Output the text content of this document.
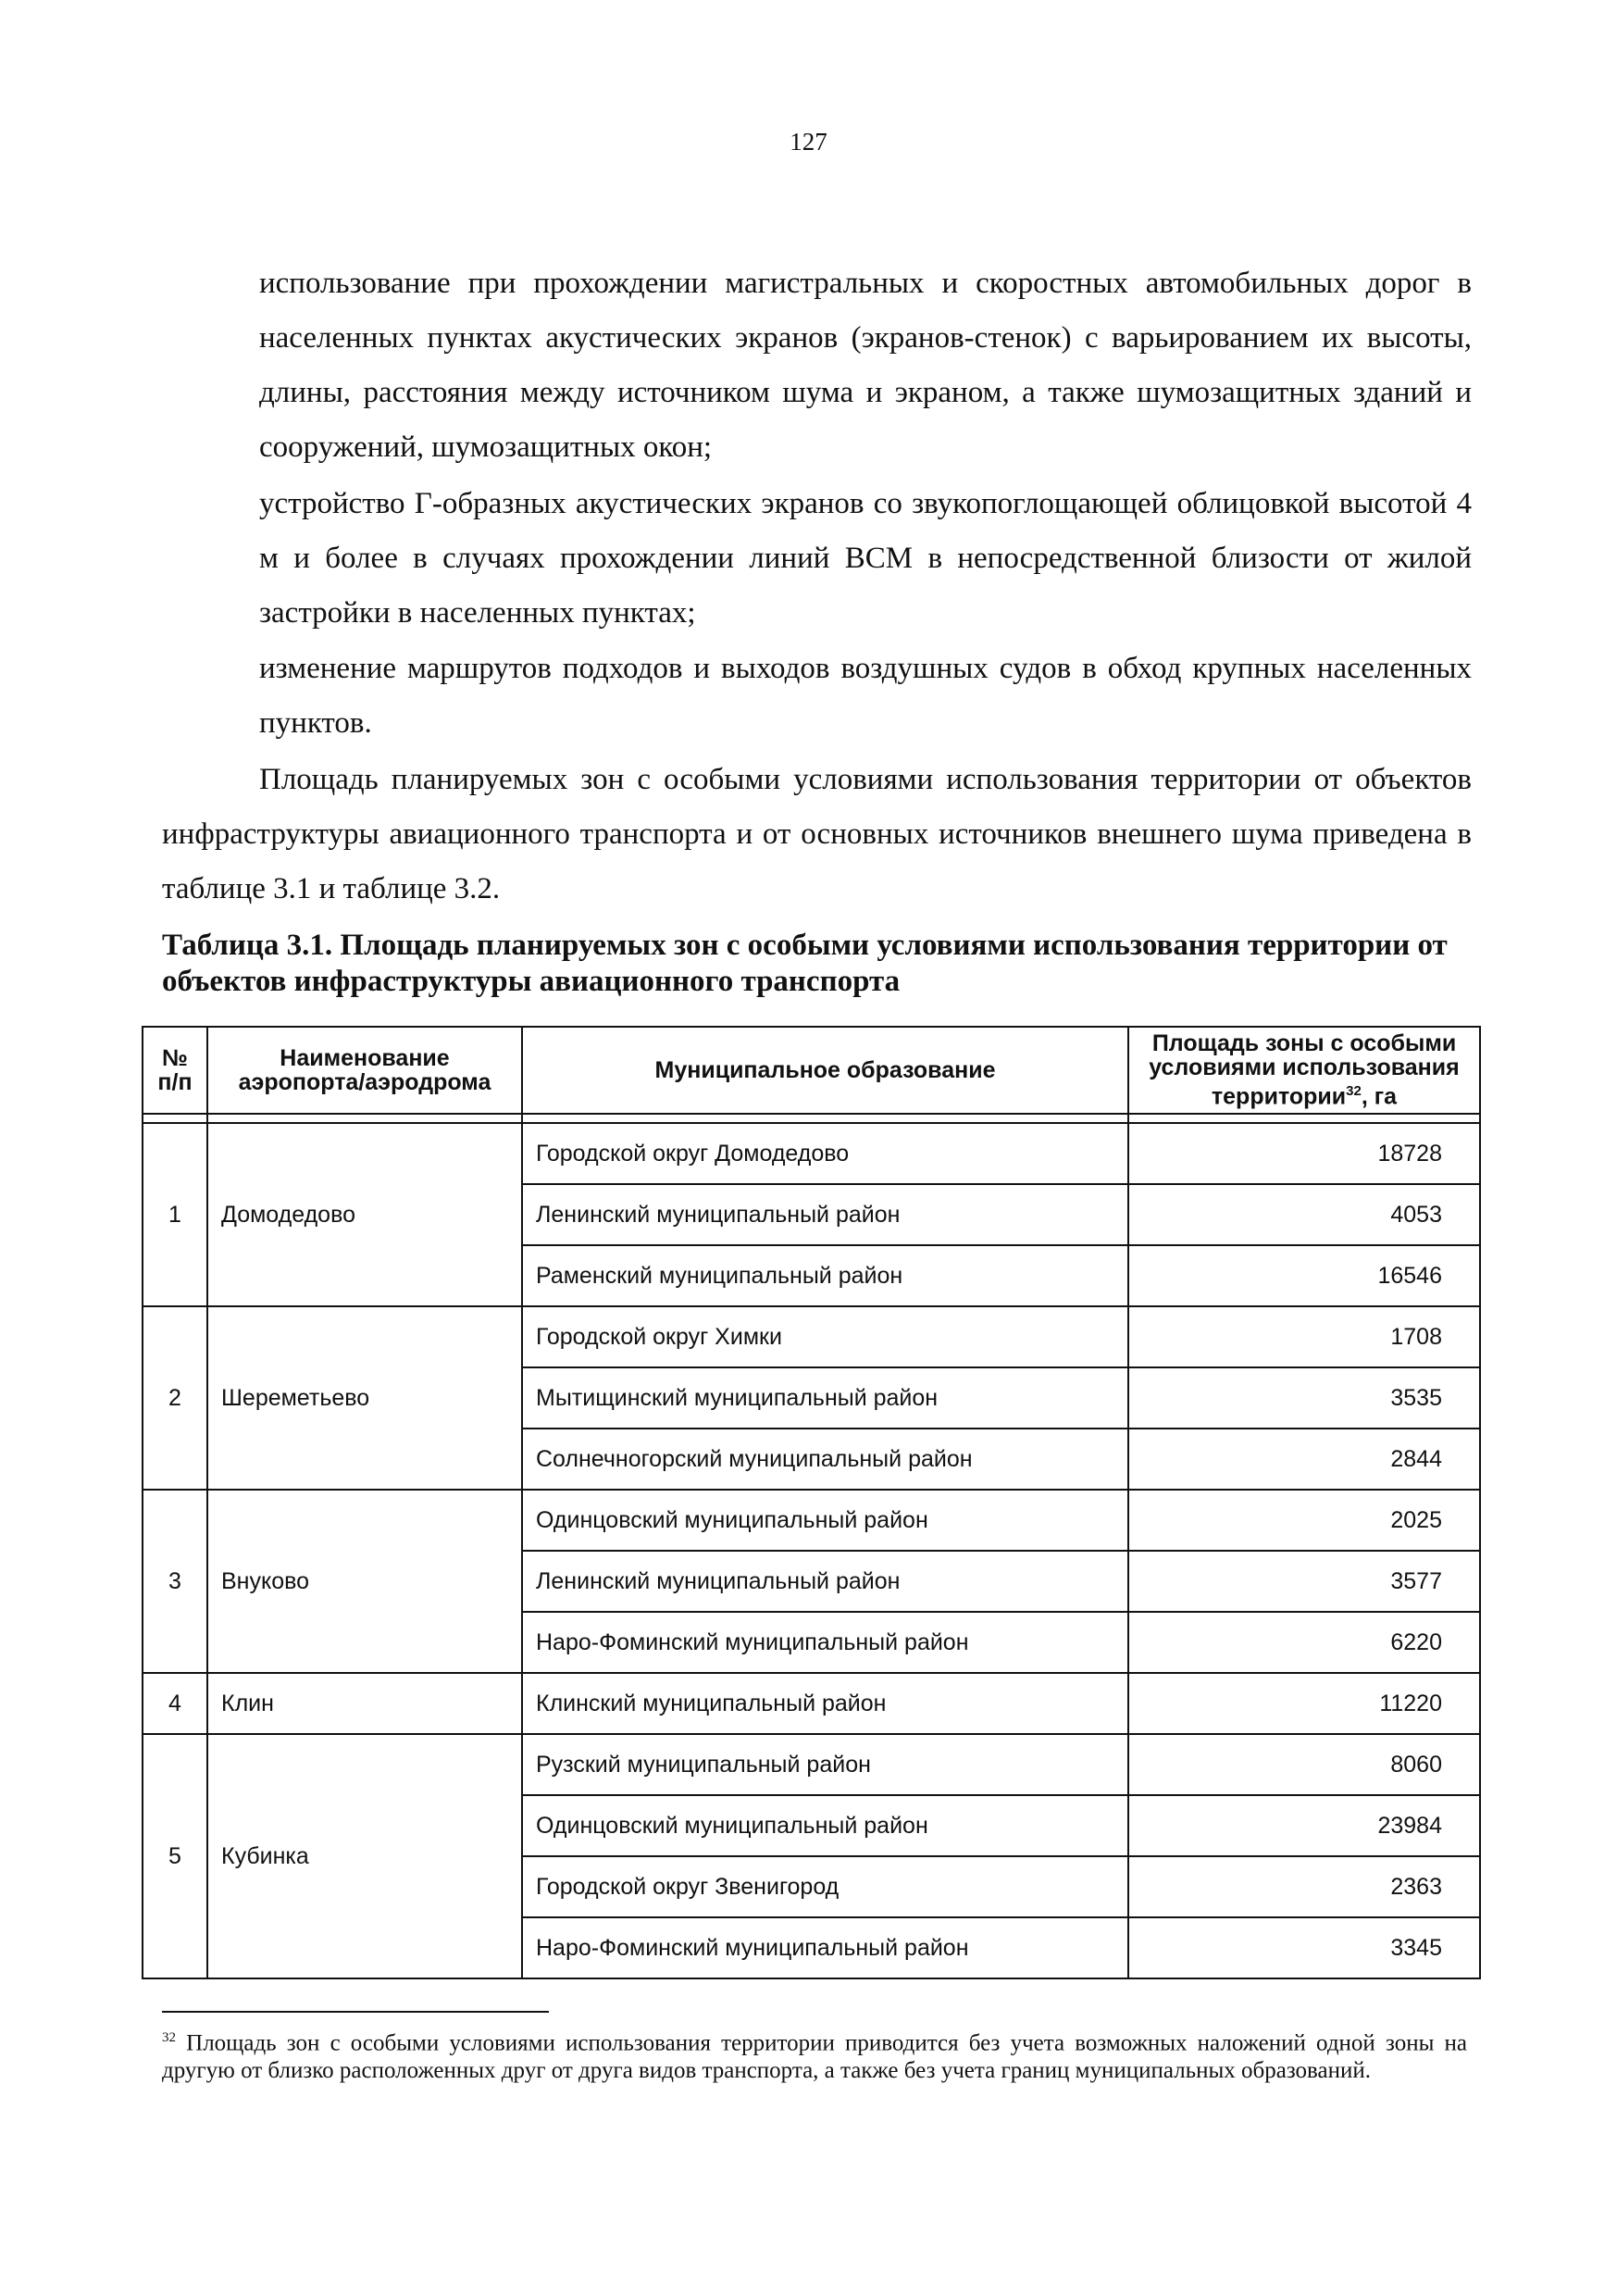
127

использование при прохождении магистральных и скоростных автомобильных дорог в населенных пунктах акустических экранов (экранов-стенок) с варьированием их высоты, длины, расстояния между источником шума и экраном, а также шумозащитных зданий и сооружений, шумозащитных окон;

устройство Г-образных акустических экранов со звукопоглощающей облицовкой высотой 4 м и более в случаях прохождении линий ВСМ в непосредственной близости от жилой застройки в населенных пунктах;

изменение маршрутов подходов и выходов воздушных судов в обход крупных населенных пунктов.

Площадь планируемых зон с особыми условиями использования территории от объектов инфраструктуры авиационного транспорта и от основных источников внешнего шума приведена в таблице 3.1 и таблице 3.2.

Таблица 3.1. Площадь планируемых зон с особыми условиями использования территории от объектов инфраструктуры авиационного транспорта
№ п/п	Наименование аэропорта/аэродрома	Муниципальное образование	Площадь зоны с особыми условиями использования территории$^{32}$, га

1	Домодедово	Городской округ Домодедово	18728
		Ленинский муниципальный район	4053
		Раменский муниципальный район	16546
2	Шереметьево	Городской округ Химки	1708
		Мытищинский муниципальный район	3535
		Солнечногорский муниципальный район	2844
3	Внуково	Одинцовский муниципальный район	2025
		Ленинский муниципальный район	3577
		Наро-Фоминский муниципальный район	6220
4	Клин	Клинский муниципальный район	11220
5	Кубинка	Рузский муниципальный район	8060
		Одинцовский муниципальный район	23984
		Городской округ Звенигород	2363
		Наро-Фоминский муниципальный район	3345
$^{32}$ Площадь зон с особыми условиями использования территории приводится без учета возможных наложений одной зоны на другую от близко расположенных друг от друга видов транспорта, а также без учета границ муниципальных образований.
